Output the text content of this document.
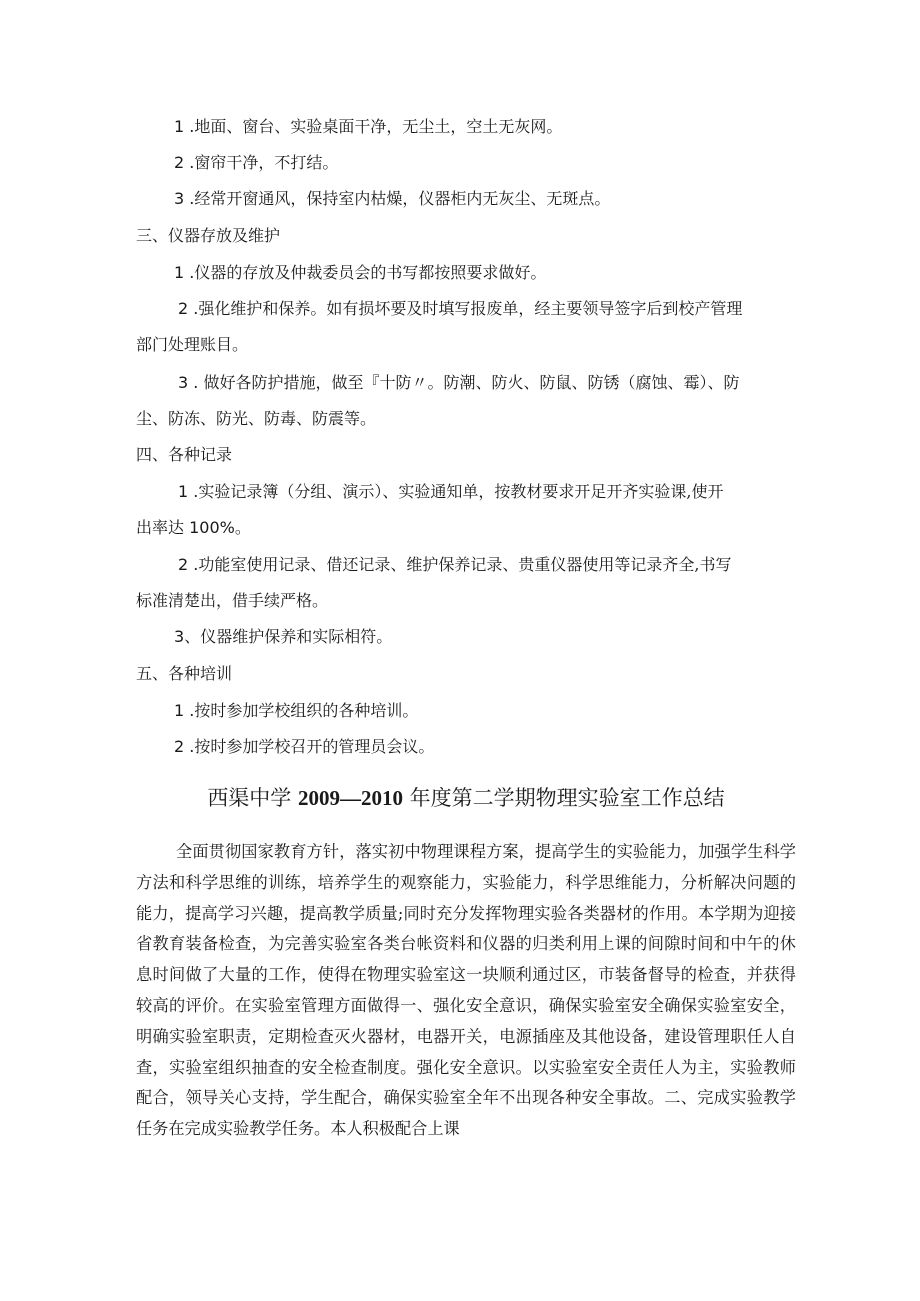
1 .地面、窗台、实验桌面干净，无尘土，空土无灰网。
2 .窗帘干净，不打结。
3 .经常开窗通风，保持室内枯燥，仪器柜内无灰尘、无斑点。
三、仪器存放及维护
1 .仪器的存放及仲裁委员会的书写都按照要求做好。
2 .强化维护和保养。如有损坏要及时填写报废单，经主要领导签字后到校产管理
部门处理账目。
3 . 做好各防护措施，做至『十防〃。防潮、防火、防鼠、防锈（腐蚀、霉）、防
尘、防冻、防光、防毒、防震等。
四、各种记录
1 .实验记录簿（分组、演示）、实验通知单，按教材要求开足开齐实验课,使开
出率达 100%。
2 .功能室使用记录、借还记录、维护保养记录、贵重仪器使用等记录齐全,书写
标准清楚出，借手续严格。
3、仪器维护保养和实际相符。
五、各种培训
1 .按时参加学校组织的各种培训。
2 .按时参加学校召开的管理员会议。
西渠中学 2009—2010 年度第二学期物理实验室工作总结
全面贯彻国家教育方针，落实初中物理课程方案，提高学生的实验能力，加强学生科学方法和科学思维的训练，培养学生的观察能力，实验能力，科学思维能力，分析解决问题的能力，提高学习兴趣，提高教学质量;同时充分发挥物理实验各类器材的作用。本学期为迎接省教育装备检查，为完善实验室各类台帐资料和仪器的归类利用上课的间隙时间和中午的休息时间做了大量的工作，使得在物理实验室这一块顺利通过区，市装备督导的检查，并获得较高的评价。在实验室管理方面做得一、强化安全意识，确保实验室安全确保实验室安全，明确实验室职责，定期检查灭火器材，电器开关，电源插座及其他设备，建设管理职任人自查，实验室组织抽查的安全检查制度。强化安全意识。以实验室安全责任人为主，实验教师配合，领导关心支持，学生配合，确保实验室全年不出现各种安全事故。二、完成实验教学任务在完成实验教学任务。本人积极配合上课
